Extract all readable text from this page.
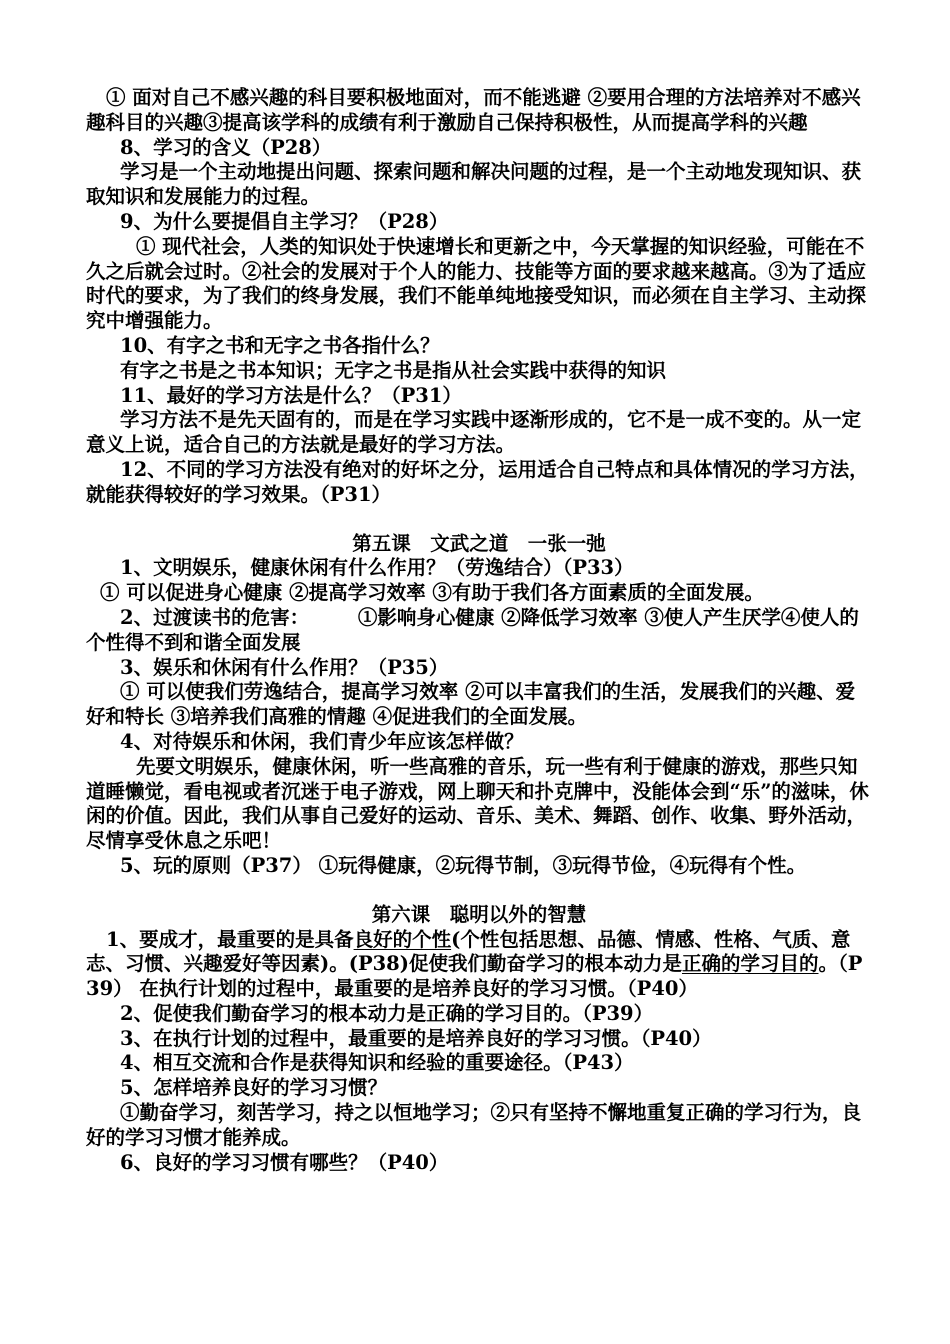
① 面对自己不感兴趣的科目要积极地面对，而不能逃避 ②要用合理的方法培养对不感兴趣科目的兴趣③提高该学科的成绩有利于激励自己保持积极性，从而提高学科的兴趣

8、学习的含义（P28）

学习是一个主动地提出问题、探索问题和解决问题的过程，是一个主动地发现知识、获取知识和发展能力的过程。

9、为什么要提倡自主学习？（P28）

① 现代社会，人类的知识处于快速增长和更新之中，今天掌握的知识经验，可能在不久之后就会过时。②社会的发展对于个人的能力、技能等方面的要求越来越高。③为了适应时代的要求，为了我们的终身发展，我们不能单纯地接受知识，而必须在自主学习、主动探究中增强能力。

10、有字之书和无字之书各指什么？

有字之书是之书本知识；无字之书是指从社会实践中获得的知识

11、最好的学习方法是什么？（P31）

学习方法不是先天固有的，而是在学习实践中逐渐形成的，它不是一成不变的。从一定意义上说，适合自己的方法就是最好的学习方法。

12、不同的学习方法没有绝对的好坏之分，运用适合自己特点和具体情况的学习方法，就能获得较好的学习效果。（P31）

第五课　文武之道　一张一弛

1、文明娱乐，健康休闲有什么作用？（劳逸结合）（P33）

① 可以促进身心健康 ②提高学习效率 ③有助于我们各方面素质的全面发展。

2、过渡读书的危害：　　　①影响身心健康 ②降低学习效率 ③使人产生厌学④使人的个性得不到和谐全面发展

3、娱乐和休闲有什么作用？（P35）

① 可以使我们劳逸结合，提高学习效率 ②可以丰富我们的生活，发展我们的兴趣、爱好和特长 ③培养我们高雅的情趣 ④促进我们的全面发展。

4、对待娱乐和休闲，我们青少年应该怎样做？

先要文明娱乐，健康休闲，听一些高雅的音乐，玩一些有利于健康的游戏，那些只知道睡懒觉，看电视或者沉迷于电子游戏，网上聊天和扑克牌中，没能体会到“乐”的滋味，休闲的价值。因此，我们从事自己爱好的运动、音乐、美术、舞蹈、创作、收集、野外活动，尽情享受休息之乐吧！

5、玩的原则（P37） ①玩得健康，②玩得节制，③玩得节俭，④玩得有个性。

第六课　聪明以外的智慧

1、要成才，最重要的是具备良好的个性(个性包括思想、品德、情感、性格、气质、意志、习惯、兴趣爱好等因素)。(P38)促使我们勤奋学习的根本动力是正确的学习目的。（P39） 在执行计划的过程中，最重要的是培养良好的学习习惯。（P40）

2、促使我们勤奋学习的根本动力是正确的学习目的。（P39）

3、在执行计划的过程中，最重要的是培养良好的学习习惯。（P40）

4、相互交流和合作是获得知识和经验的重要途径。（P43）

5、怎样培养良好的学习习惯？

①勤奋学习，刻苦学习，持之以恒地学习；②只有坚持不懈地重复正确的学习行为，良好的学习习惯才能养成。

6、良好的学习习惯有哪些？（P40）
